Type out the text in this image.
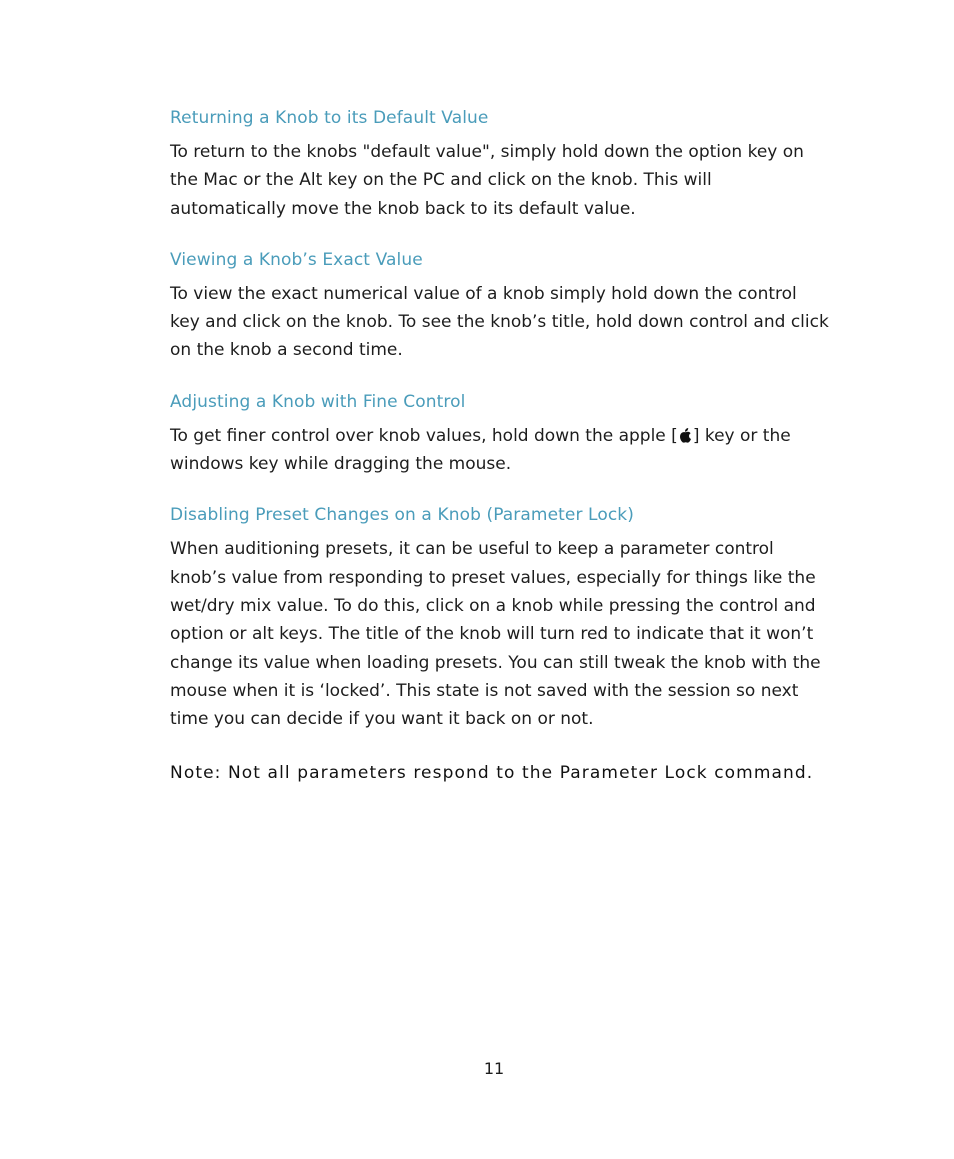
Returning a Knob to its Default Value

To return to the knobs "default value", simply hold down the option key on the Mac or the Alt key on the PC and click on the knob. This will automatically move the knob back to its default value.

Viewing a Knob’s Exact Value

To view the exact numerical value of a knob simply hold down the control key and click on the knob. To see the knob’s title, hold down control and click on the knob a second time.

Adjusting a Knob with Fine Control

To get finer control over knob values, hold down the apple [ ] key or the windows key while dragging the mouse.

Disabling Preset Changes on a Knob (Parameter Lock)

When auditioning presets, it can be useful to keep a parameter control knob’s value from responding to preset values, especially for things like the wet/dry mix value. To do this, click on a knob while pressing the control and option or alt keys. The title of the knob will turn red to indicate that it won’t change its value when loading presets. You can still tweak the knob with the mouse when it is ‘locked’. This state is not saved with the session so next time you can decide if you want it back on or not.

Note: Not all parameters respond to the Parameter Lock command.

11
